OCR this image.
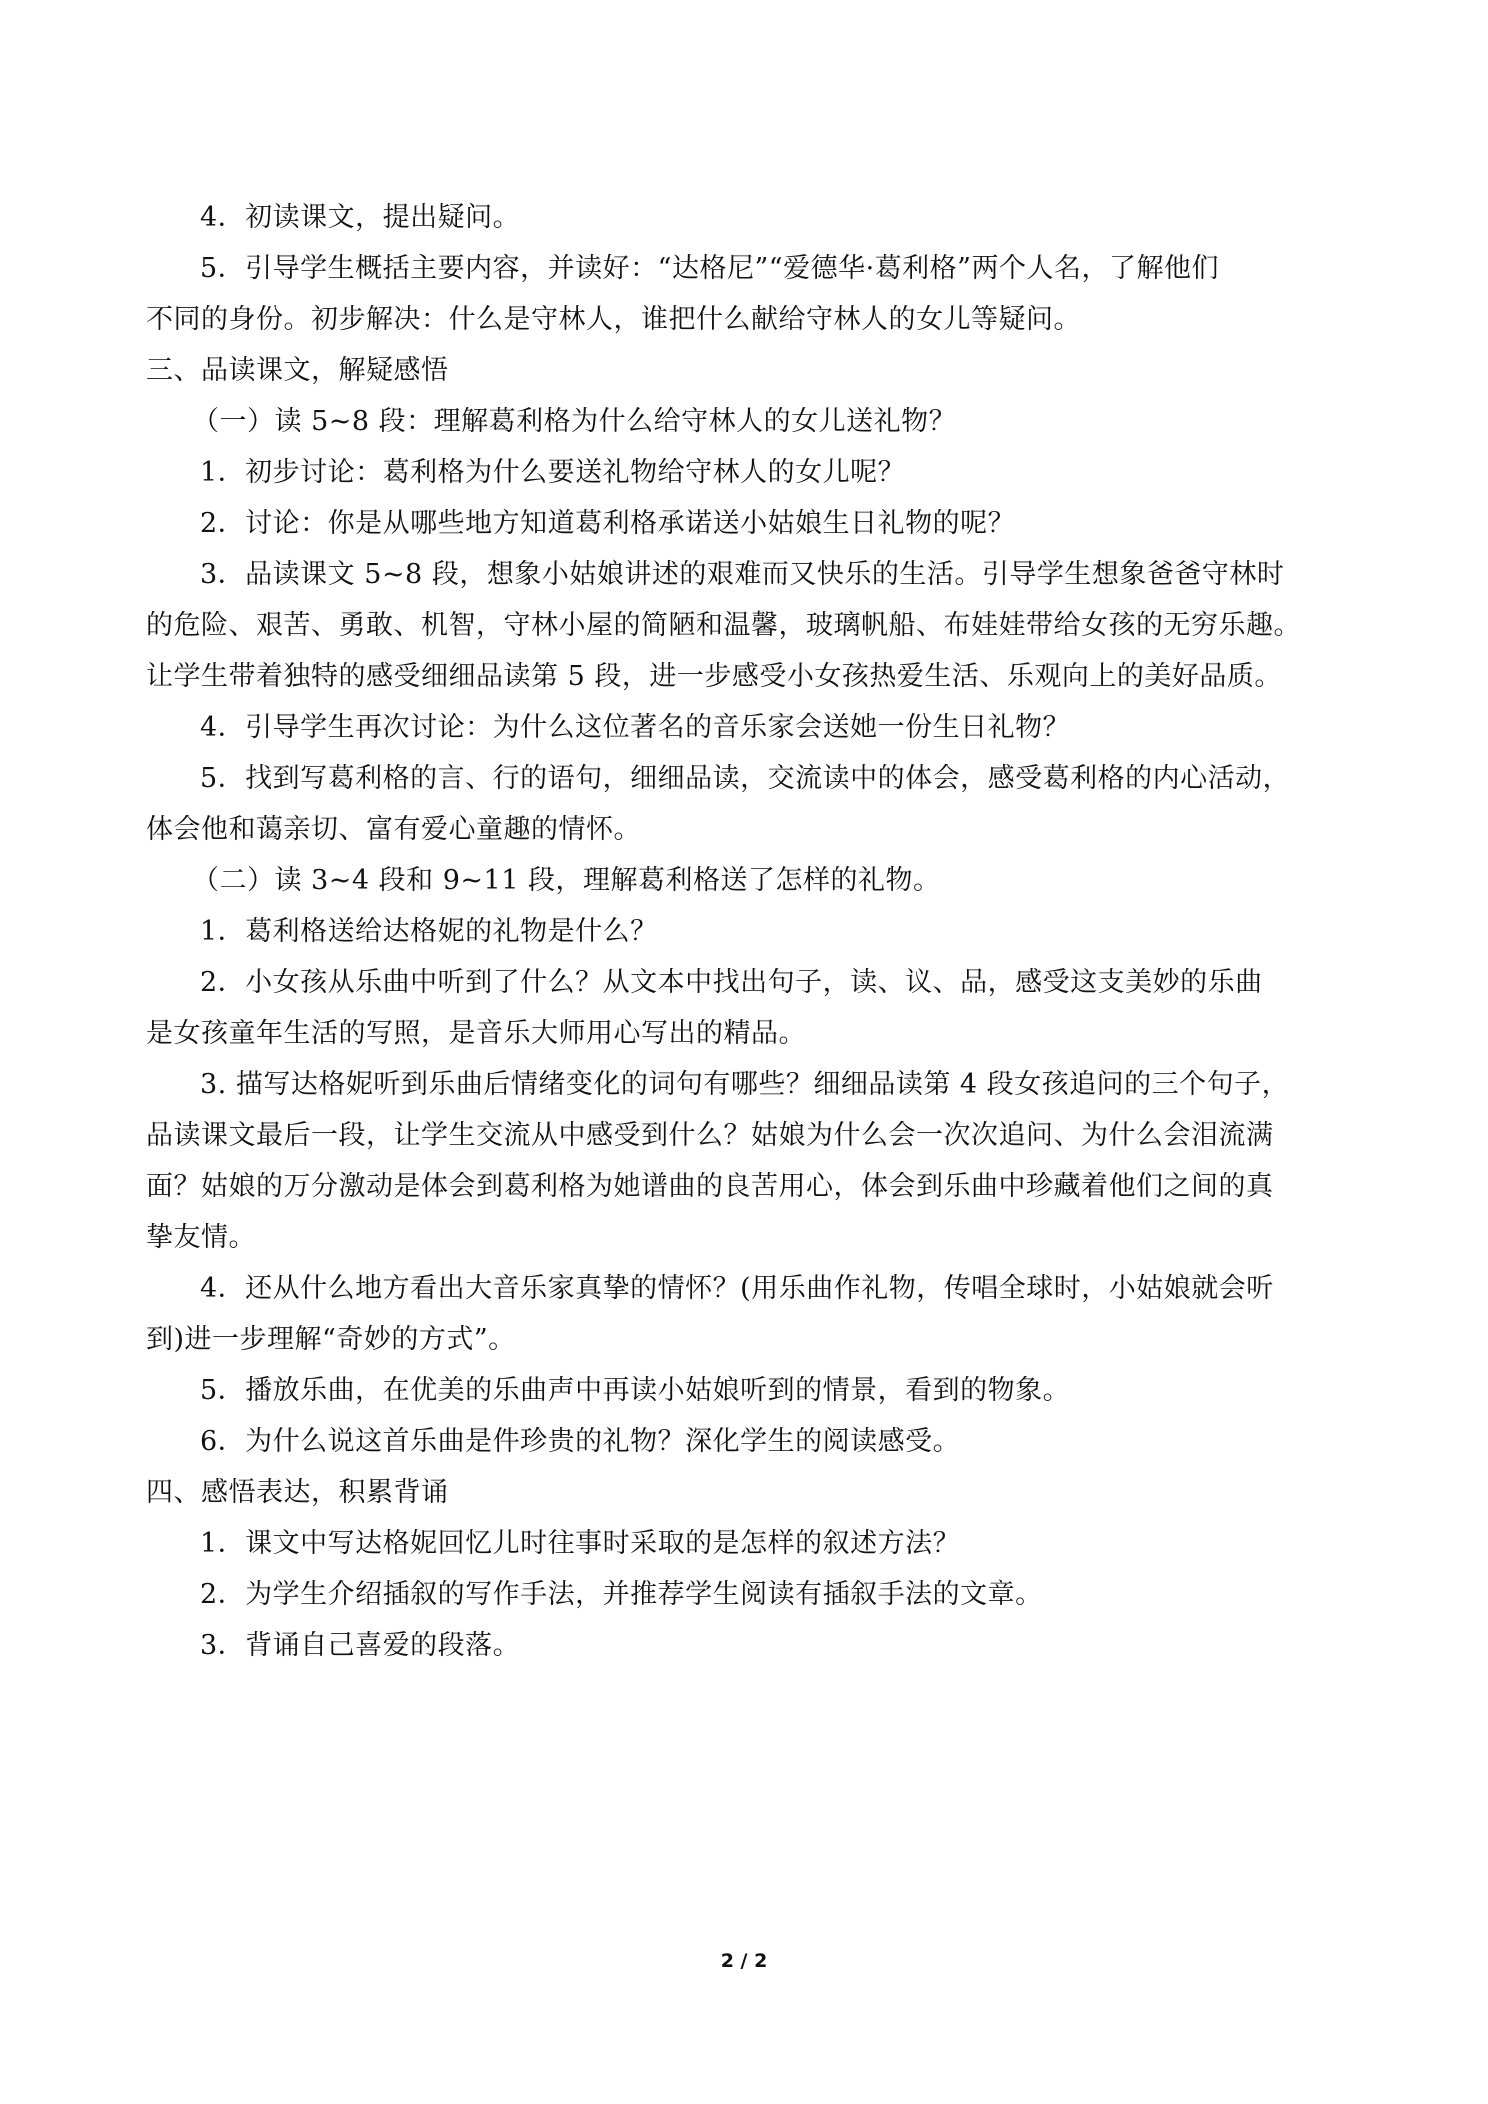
4．初读课文，提出疑问。
5．引导学生概括主要内容，并读好：“达格尼”“爱德华·葛利格”两个人名，了解他们
不同的身份。初步解决：什么是守林人，谁把什么献给守林人的女儿等疑问。
三、品读课文，解疑感悟
（一）读 5~8 段：理解葛利格为什么给守林人的女儿送礼物？
1．初步讨论：葛利格为什么要送礼物给守林人的女儿呢？
2．讨论：你是从哪些地方知道葛利格承诺送小姑娘生日礼物的呢？
3．品读课文 5~8 段，想象小姑娘讲述的艰难而又快乐的生活。引导学生想象爸爸守林时
的危险、艰苦、勇敢、机智，守林小屋的简陋和温馨，玻璃帆船、布娃娃带给女孩的无穷乐趣。
让学生带着独特的感受细细品读第 5 段，进一步感受小女孩热爱生活、乐观向上的美好品质。
4．引导学生再次讨论：为什么这位著名的音乐家会送她一份生日礼物？
5．找到写葛利格的言、行的语句，细细品读，交流读中的体会，感受葛利格的内心活动，
体会他和蔼亲切、富有爱心童趣的情怀。
（二）读 3~4 段和 9~11 段，理解葛利格送了怎样的礼物。
1．葛利格送给达格妮的礼物是什么？
2．小女孩从乐曲中听到了什么？从文本中找出句子，读、议、品，感受这支美妙的乐曲
是女孩童年生活的写照，是音乐大师用心写出的精品。
3. 描写达格妮听到乐曲后情绪变化的词句有哪些？细细品读第 4 段女孩追问的三个句子，
品读课文最后一段，让学生交流从中感受到什么？姑娘为什么会一次次追问、为什么会泪流满
面？姑娘的万分激动是体会到葛利格为她谱曲的良苦用心，体会到乐曲中珍藏着他们之间的真
挚友情。
4．还从什么地方看出大音乐家真挚的情怀？(用乐曲作礼物，传唱全球时，小姑娘就会听
到)进一步理解“奇妙的方式”。
5．播放乐曲，在优美的乐曲声中再读小姑娘听到的情景，看到的物象。
6．为什么说这首乐曲是件珍贵的礼物？深化学生的阅读感受。
四、感悟表达，积累背诵
1．课文中写达格妮回忆儿时往事时采取的是怎样的叙述方法？
2．为学生介绍插叙的写作手法，并推荐学生阅读有插叙手法的文章。
3．背诵自己喜爱的段落。
2 / 2
